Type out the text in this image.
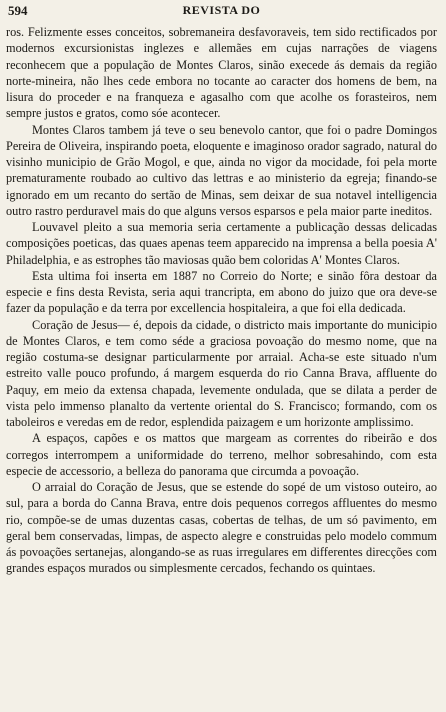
594	REVISTA DO

ros. Felizmente esses conceitos, sobremaneira desfavoraveis, tem sido rectificados por modernos excursionistas inglezes e allemães em cujas narrações de viagens reconhecem que a população de Montes Claros, sinão execede ás demais da região norte-mineira, não lhes cede embora no tocante ao caracter dos homens de bem, na lisura do proceder e na franqueza e agasalho com que acolhe os forasteiros, nem sempre justos e gratos, como sóe acontecer.

Montes Claros tambem já teve o seu benevolo cantor, que foi o padre Domingos Pereira de Oliveira, inspirando poeta, eloquente e imaginoso orador sagrado, natural do visinho municipio de Grão Mogol, e que, ainda no vigor da mocidade, foi pela morte prematuramente roubado ao cultivo das lettras e ao ministerio da egreja; finando-se ignorado em um recanto do sertão de Minas, sem deixar de sua notavel intelligencia outro rastro perduravel mais do que alguns versos esparsos e pela maior parte ineditos.

Louvavel pleito a sua memoria seria certamente a publicação dessas delicadas composições poeticas, das quaes apenas teem apparecido na imprensa a bella poesia A' Philadelphia, e as estrophes tão maviosas quão bem coloridas A' Montes Claros.

Esta ultima foi inserta em 1887 no Correio do Norte; e sinão fôra destoar da especie e fins desta Revista, seria aqui trancripta, em abono do juizo que ora deve-se fazer da população e da terra por excellencia hospitaleira, a que foi ella dedicada.

Coração de Jesus— é, depois da cidade, o districto mais importante do municipio de Montes Claros, e tem como séde a graciosa povoação do mesmo nome, que na região costuma-se designar particularmente por arraial. Acha-se este situado n'um estreito valle pouco profundo, á margem esquerda do rio Canna Brava, affluente do Paquy, em meio da extensa chapada, levemente ondulada, que se dilata a perder de vista pelo immenso planalto da vertente oriental do S. Francisco; formando, com os taboleiros e veredas em de redor, esplendida paizagem e um horizonte amplissimo.

A espaços, capões e os mattos que margeam as correntes do ribeirão e dos corregos interrompem a uniformidade do terreno, melhor sobresahindo, com esta especie de accessorio, a belleza do panorama que circumda a povoação.

O arraial do Coração de Jesus, que se estende do sopé de um vistoso outeiro, ao sul, para a borda do Canna Brava, entre dois pequenos corregos affluentes do mesmo rio, compõe-se de umas duzentas casas, cobertas de telhas, de um só pavimento, em geral bem conservadas, limpas, de aspecto alegre e construidas pelo modelo commum ás povoações sertanejas, alongando-se as ruas irregulares em differentes direcções com grandes espaços murados ou simplesmente cercados, fechando os quintaes.
